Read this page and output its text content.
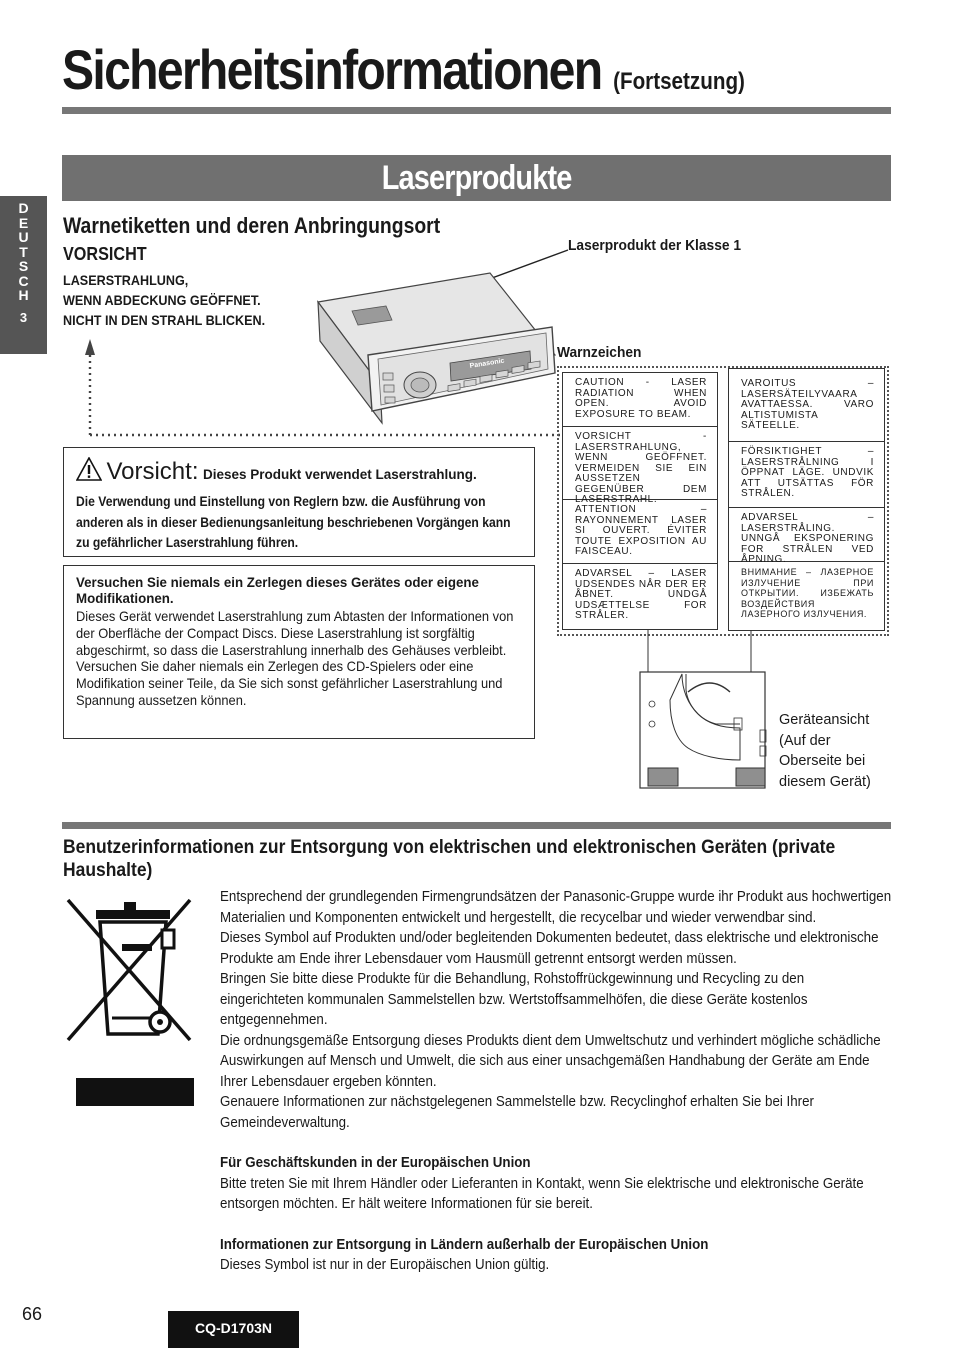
Sicherheitsinformationen (Fortsetzung)
Laserprodukte
D
E
U
T
S
C
H
3
Warnetiketten und deren Anbringungsort
VORSICHT
LASERSTRAHLUNG,
WENN ABDECKUNG GEÖFFNET.
NICHT IN DEN STRAHL BLICKEN.
Laserprodukt der Klasse 1
Panasonic
Warnzeichen
CAUTION - LASER RADIATION WHEN OPEN. AVOID EXPOSURE TO BEAM.
VORSICHT - LASERSTRAHLUNG, WENN GEÖFFNET. VERMEIDEN SIE EIN AUSSETZEN GEGENÜBER DEM LASERSTRAHL.
ATTENTION – RAYONNEMENT LASER SI OUVERT. ÉVITER TOUTE EXPOSITION AU FAISCEAU.
ADVARSEL – LASER UDSENDES NÅR DER ER ÅBNET. UNDGÅ UDSÆTTELSE FOR STRÅLER.
VAROITUS – LASERSÄTEILYVAARA AVATTAESSA. VARO ALTISTUMISTA SÄTEELLE.
FÖRSIKTIGHET – LASERSTRÅLNING I ÖPPNAT LÄGE. UNDVIK ATT UTSÄTTAS FÖR STRÅLEN.
ADVARSEL – LASERSTRÅLING. UNNGÅ EKSPONERING FOR STRÅLEN VED ÅPNING.
ВНИМАНИЕ – ЛАЗЕРНОЕ ИЗЛУЧЕНИЕ ПРИ ОТКРЫТИИ. ИЗБЕЖАТЬ ВОЗДЕЙСТВИЯ ЛАЗЕРНОГО ИЗЛУЧЕНИЯ.
Geräteansicht
(Auf der
Oberseite bei
diesem Gerät)
Vorsicht: Dieses Produkt verwendet Laserstrahlung.
Die Verwendung und Einstellung von Reglern bzw. die Ausführung von anderen als in dieser Bedienungsanleitung beschriebenen Vorgängen kann zu gefährlicher Laserstrahlung führen.
Versuchen Sie niemals ein Zerlegen dieses Gerätes oder eigene Modifikationen.
Dieses Gerät verwendet Laserstrahlung zum Abtasten der Informationen von der Oberfläche der Compact Discs. Diese Laserstrahlung ist sorgfältig abgeschirmt, so dass die Laserstrahlung innerhalb des Gehäuses verbleibt.
Versuchen Sie daher niemals ein Zerlegen des CD-Spielers oder eine Modifikation seiner Teile, da Sie sich sonst gefährlicher Laserstrahlung und Spannung aussetzen können.
Benutzerinformationen zur Entsorgung von elektrischen und elektronischen Geräten (private Haushalte)
Entsprechend der grundlegenden Firmengrundsätzen der Panasonic-Gruppe wurde ihr Produkt aus hochwertigen Materialien und Komponenten entwickelt und hergestellt, die recycelbar und wieder verwendbar sind.
Dieses Symbol auf Produkten und/oder begleitenden Dokumenten bedeutet, dass elektrische und elektronische Produkte am Ende ihrer Lebensdauer vom Hausmüll getrennt entsorgt werden müssen.
Bringen Sie bitte diese Produkte für die Behandlung, Rohstoffrückgewinnung und Recycling zu den eingerichteten kommunalen Sammelstellen bzw. Wertstoffsammelhöfen, die diese Geräte kostenlos entgegennehmen.
Die ordnungsgemäße Entsorgung dieses Produkts dient dem Umweltschutz und verhindert mögliche schädliche Auswirkungen auf Mensch und Umwelt, die sich aus einer unsachgemäßen Handhabung der Geräte am Ende Ihrer Lebensdauer ergeben könnten.
Genauere Informationen zur nächstgelegenen Sammelstelle bzw. Recyclinghof erhalten Sie bei Ihrer Gemeindeverwaltung.
Für Geschäftskunden in der Europäischen Union
Bitte treten Sie mit Ihrem Händler oder Lieferanten in Kontakt, wenn Sie elektrische und elektronische Geräte entsorgen möchten. Er hält weitere Informationen für sie bereit.
Informationen zur Entsorgung in Ländern außerhalb der Europäischen Union
Dieses Symbol ist nur in der Europäischen Union gültig.
66
CQ-D1703N
